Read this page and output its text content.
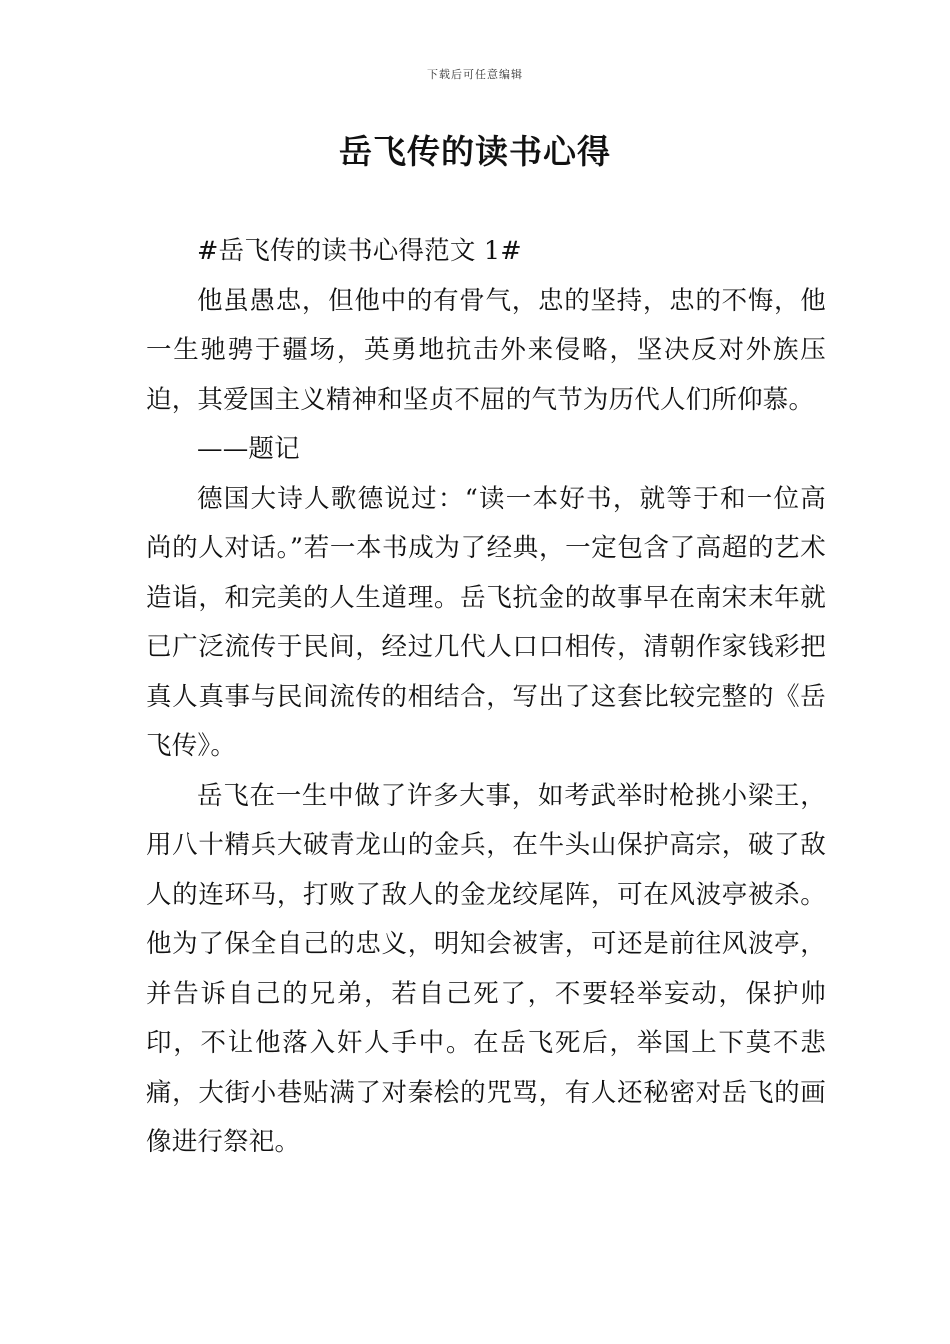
下载后可任意编辑
岳飞传的读书心得

#岳飞传的读书心得范文 1#

他虽愚忠，但他中的有骨气，忠的坚持，忠的不悔，他一生驰骋于疆场，英勇地抗击外来侵略，坚决反对外族压迫，其爱国主义精神和坚贞不屈的气节为历代人们所仰慕。

——题记

德国大诗人歌德说过：“读一本好书，就等于和一位高尚的人对话。”若一本书成为了经典，一定包含了高超的艺术造诣，和完美的人生道理。岳飞抗金的故事早在南宋末年就已广泛流传于民间，经过几代人口口相传，清朝作家钱彩把真人真事与民间流传的相结合，写出了这套比较完整的《岳飞传》。

岳飞在一生中做了许多大事，如考武举时枪挑小梁王，用八十精兵大破青龙山的金兵，在牛头山保护高宗，破了敌人的连环马，打败了敌人的金龙绞尾阵，可在风波亭被杀。他为了保全自己的忠义，明知会被害，可还是前往风波亭，并告诉自己的兄弟，若自己死了，不要轻举妄动，保护帅印，不让他落入奸人手中。在岳飞死后，举国上下莫不悲痛，大街小巷贴满了对秦桧的咒骂，有人还秘密对岳飞的画像进行祭祀。
